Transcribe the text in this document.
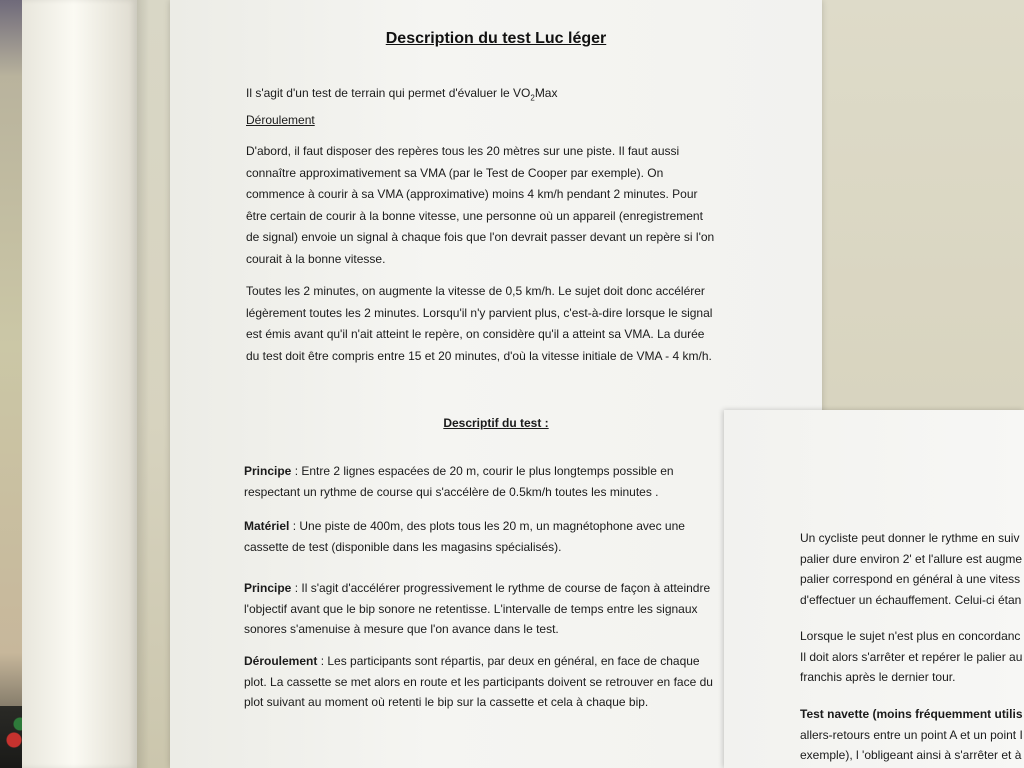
Description du test Luc léger
Il s'agit d'un test de terrain qui permet d'évaluer le $VO_2Max$
Déroulement
D'abord, il faut disposer des repères tous les 20 mètres sur une piste. Il faut aussi
connaître approximativement sa VMA (par le Test de Cooper par exemple). On
commence à courir à sa VMA (approximative) moins 4 km/h pendant 2 minutes. Pour
être certain de courir à la bonne vitesse, une personne où un appareil (enregistrement
de signal) envoie un signal à chaque fois que l'on devrait passer devant un repère si l'on
courait à la bonne vitesse.
Toutes les 2 minutes, on augmente la vitesse de 0,5 km/h. Le sujet doit donc accélérer
légèrement toutes les 2 minutes. Lorsqu'il n'y parvient plus, c'est-à-dire lorsque le signal
est émis avant qu'il n'ait atteint le repère, on considère qu'il a atteint sa VMA. La durée
du test doit être compris entre 15 et 20 minutes, d'où la vitesse initiale de VMA - 4 km/h.
Descriptif du test :
Principe : Entre 2 lignes espacées de 20 m, courir le plus longtemps possible en
respectant un rythme de course qui s'accélère de 0.5km/h toutes les minutes .
Matériel : Une piste de 400m, des plots tous les 20 m, un magnétophone avec une
cassette de test (disponible dans les magasins spécialisés).
Principe : Il s'agit d'accélérer progressivement le rythme de course de façon à atteindre
l'objectif avant que le bip sonore ne retentisse. L'intervalle de temps entre les signaux
sonores s'amenuise à mesure que l'on avance dans le test.
Déroulement : Les participants sont répartis, par deux en général, en face de chaque
plot. La cassette se met alors en route et les participants doivent se retrouver en face du
plot suivant au moment où retenti le bip sur la cassette et cela à chaque bip.
Un cycliste peut donner le rythme en suiv
palier dure environ 2' et l'allure est augme
palier correspond en général à une vitess
d'effectuer un échauffement. Celui-ci étan
Lorsque le sujet n'est plus en concordanc
Il doit alors s'arrêter et repérer le palier au
franchis après le dernier tour.
Test navette (moins fréquemment utilis
allers-retours entre un point A et un point I
exemple), l 'obligeant ainsi à s'arrêter et à
